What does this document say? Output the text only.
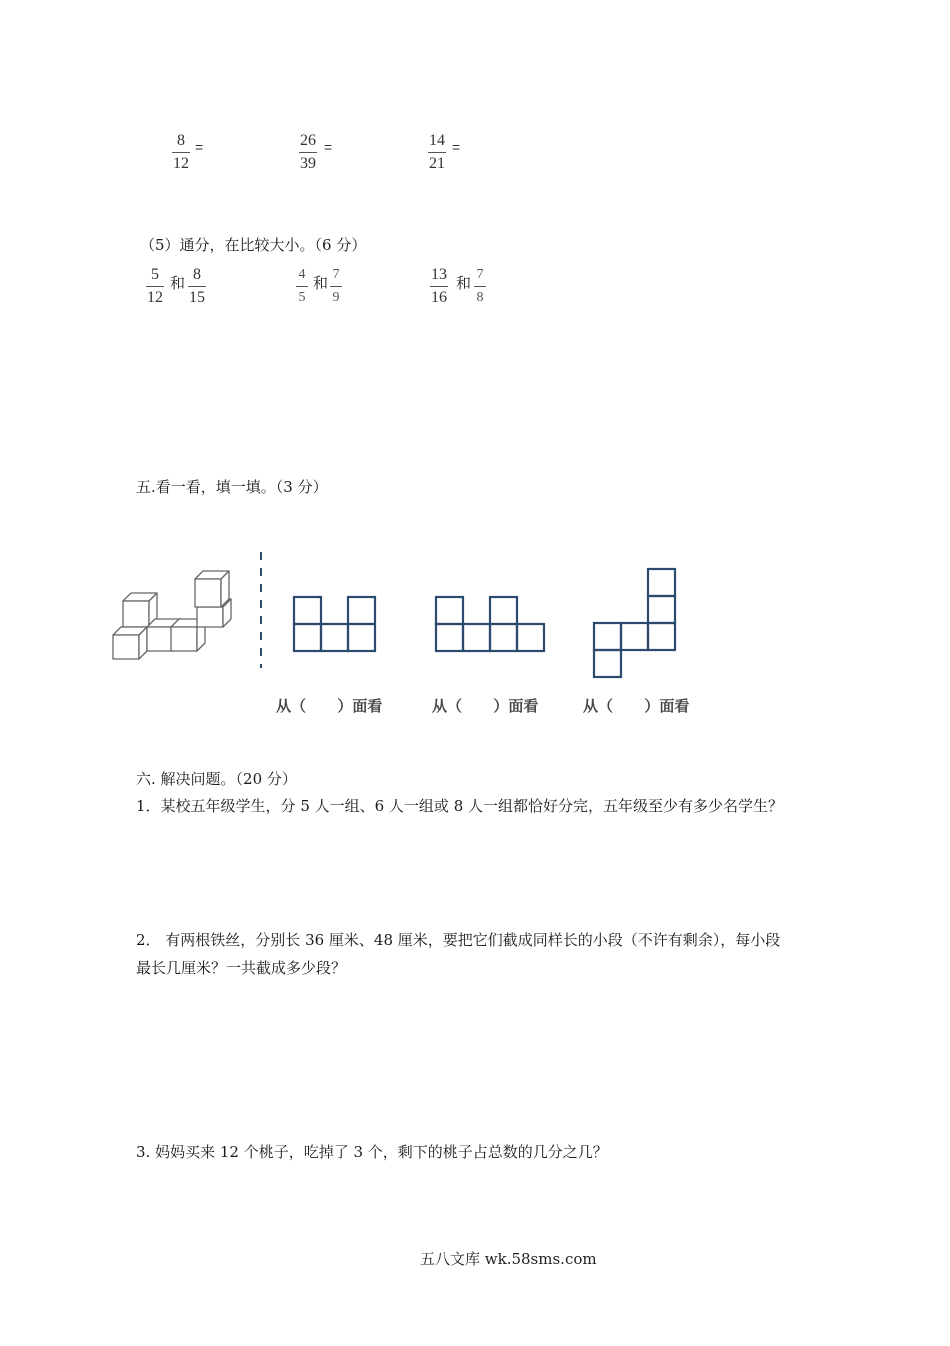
8
12
=	26
39
=	14
21
=
（5）通分，在比较大小。（6 分）
5
12
和 8
15
4
5
和 7
9
13
16
和 7
8
五.看一看，填一填。（3 分）
从（      ）面看	从（      ）面看	从（      ）面看
六. 解决问题。（20 分）
1．某校五年级学生，分 5 人一组、6 人一组或 8 人一组都恰好分完，五年级至少有多少名学生？
2． 有两根铁丝，分别长 36 厘米、48 厘米，要把它们截成同样长的小段（不许有剩余），每小段
最长几厘米？一共截成多少段？
3. 妈妈买来 12 个桃子，吃掉了 3 个，剩下的桃子占总数的几分之几？
五八文库 wk.58sms.com
